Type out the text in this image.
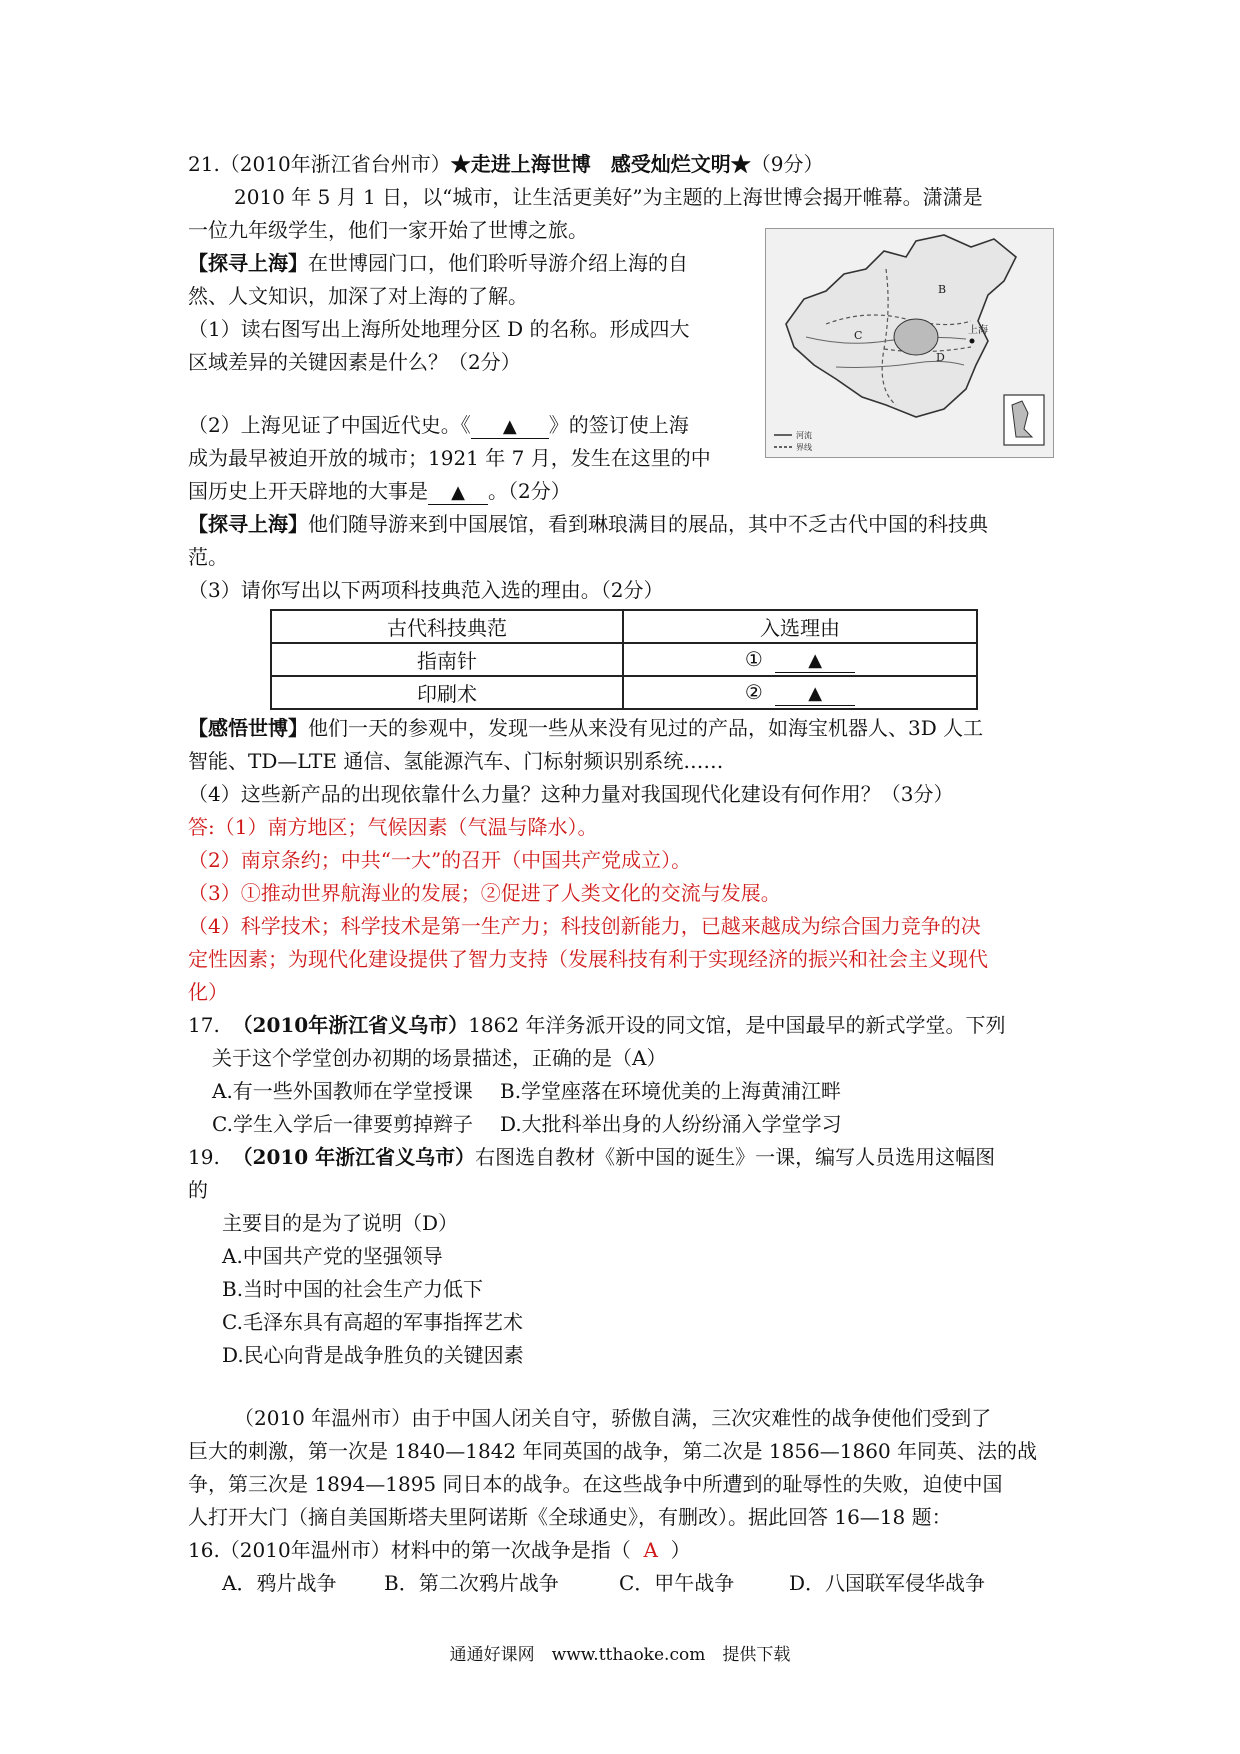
B
C
D
上海
河流
界线
21.（2010年浙江省台州市）★走进上海世博　感受灿烂文明★（9分）
2010 年 5 月 1 日，以“城市，让生活更美好”为主题的上海世博会揭开帷幕。潇潇是
一位九年级学生，他们一家开始了世博之旅。
【探寻上海】在世博园门口，他们聆听导游介绍上海的自
然、人文知识，加深了对上海的了解。
（1）读右图写出上海所处地理分区 D 的名称。形成四大
区域差异的关键因素是什么？（2分）
（2）上海见证了中国近代史。《 ▲ 》的签订使上海
成为最早被迫开放的城市；1921 年 7 月，发生在这里的中
国历史上开天辟地的大事是 ▲ 。（2分）
【探寻上海】他们随导游来到中国展馆，看到琳琅满目的展品，其中不乏古代中国的科技典
范。
（3）请你写出以下两项科技典范入选的理由。（2分）
古代科技典范	入选理由
指南针	① ▲
印刷术	② ▲
【感悟世博】他们一天的参观中，发现一些从来没有见过的产品，如海宝机器人、3D 人工
智能、TD—LTE 通信、氢能源汽车、门标射频识别系统……
（4）这些新产品的出现依靠什么力量？这种力量对我国现代化建设有何作用？（3分）
答:（1）南方地区；气候因素（气温与降水）。
（2）南京条约；中共“一大”的召开（中国共产党成立）。
（3）①推动世界航海业的发展；②促进了人类文化的交流与发展。
（4）科学技术；科学技术是第一生产力；科技创新能力，已越来越成为综合国力竞争的决
定性因素；为现代化建设提供了智力支持（发展科技有利于实现经济的振兴和社会主义现代
化）
17. （2010年浙江省义乌市）1862 年洋务派开设的同文馆，是中国最早的新式学堂。下列
关于这个学堂创办初期的场景描述，正确的是（A）
A.有一些外国教师在学堂授课 B.学堂座落在环境优美的上海黄浦江畔
C.学生入学后一律要剪掉辫子 D.大批科举出身的人纷纷涌入学堂学习
19. （2010 年浙江省义乌市）右图选自教材《新中国的诞生》一课，编写人员选用这幅图
的
主要目的是为了说明（D）
A.中国共产党的坚强领导
B.当时中国的社会生产力低下
C.毛泽东具有高超的军事指挥艺术
D.民心向背是战争胜负的关键因素
（2010 年温州市）由于中国人闭关自守，骄傲自满，三次灾难性的战争使他们受到了
巨大的刺激，第一次是 1840—1842 年同英国的战争，第二次是 1856—1860 年同英、法的战
争，第三次是 1894—1895 同日本的战争。在这些战争中所遭到的耻辱性的失败，迫使中国
人打开大门（摘自美国斯塔夫里阿诺斯《全球通史》，有删改）。据此回答 16—18 题：
16.（2010年温州市）材料中的第一次战争是指（ A ）
A．鸦片战争 B．第二次鸦片战争	C．甲午战争	D．八国联军侵华战争
通通好课网　www.tthaoke.com　提供下载
